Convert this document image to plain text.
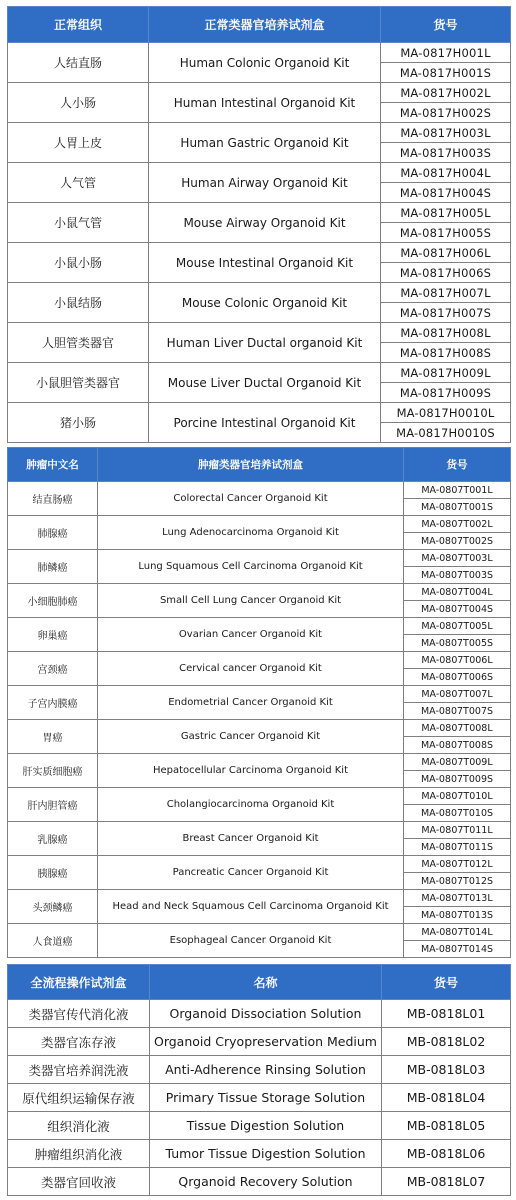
正常组织	正常类器官培养试剂盒	货号
人结直肠	Human Colonic Organoid Kit	MA-0817H001L
		MA-0817H001S
人小肠	Human Intestinal Organoid Kit	MA-0817H002L
		MA-0817H002S
人胃上皮	Human Gastric Organoid Kit	MA-0817H003L
		MA-0817H003S
人气管	Human Airway Organoid Kit	MA-0817H004L
		MA-0817H004S
小鼠气管	Mouse Airway Organoid Kit	MA-0817H005L
		MA-0817H005S
小鼠小肠	Mouse Intestinal Organoid Kit	MA-0817H006L
		MA-0817H006S
小鼠结肠	Mouse Colonic Organoid Kit	MA-0817H007L
		MA-0817H007S
人胆管类器官	Human Liver Ductal organoid Kit	MA-0817H008L
		MA-0817H008S
小鼠胆管类器官	Mouse Liver Ductal Organoid Kit	MA-0817H009L
		MA-0817H009S
猪小肠	Porcine Intestinal Organoid Kit	MA-0817H0010L
		MA-0817H0010S
肿瘤中文名	肿瘤类器官培养试剂盒	货号
结直肠癌	Colorectal Cancer Organoid Kit	MA-0807T001L
		MA-0807T001S
肺腺癌	Lung Adenocarcinoma Organoid Kit	MA-0807T002L
		MA-0807T002S
肺鳞癌	Lung Squamous Cell Carcinoma Organoid Kit	MA-0807T003L
		MA-0807T003S
小细胞肺癌	Small Cell Lung Cancer Organoid Kit	MA-0807T004L
		MA-0807T004S
卵巢癌	Ovarian Cancer Organoid Kit	MA-0807T005L
		MA-0807T005S
宫颈癌	Cervical cancer Organoid Kit	MA-0807T006L
		MA-0807T006S
子宫内膜癌	Endometrial Cancer Organoid Kit	MA-0807T007L
		MA-0807T007S
胃癌	Gastric Cancer Organoid Kit	MA-0807T008L
		MA-0807T008S
肝实质细胞癌	Hepatocellular Carcinoma Organoid Kit	MA-0807T009L
		MA-0807T009S
肝内胆管癌	Cholangiocarcinoma Organoid Kit	MA-0807T010L
		MA-0807T010S
乳腺癌	Breast Cancer Organoid Kit	MA-0807T011L
		MA-0807T011S
胰腺癌	Pancreatic Cancer Organoid Kit	MA-0807T012L
		MA-0807T012S
头颈鳞癌	Head and Neck Squamous Cell Carcinoma Organoid Kit	MA-0807T013L
		MA-0807T013S
人食道癌	Esophageal Cancer Organoid Kit	MA-0807T014L
		MA-0807T014S
全流程操作试剂盒	名称	货号
类器官传代消化液	Organoid Dissociation Solution	MB-0818L01
类器官冻存液	Organoid Cryopreservation Medium	MB-0818L02
类器官培养润洗液	Anti-Adherence Rinsing Solution	MB-0818L03
原代组织运输保存液	Primary Tissue Storage Solution	MB-0818L04
组织消化液	Tissue Digestion Solution	MB-0818L05
肿瘤组织消化液	Tumor Tissue Digestion Solution	MB-0818L06
类器官回收液	Qrganoid Recovery Solution	MB-0818L07
